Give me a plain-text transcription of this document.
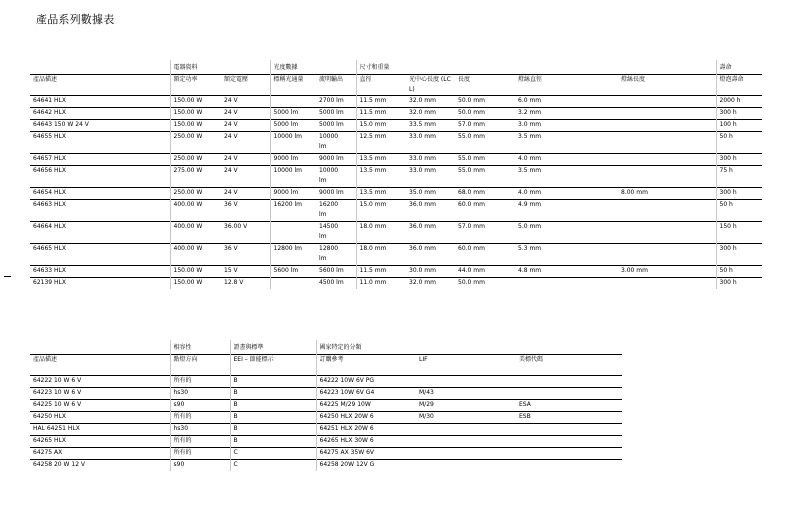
產品系列數據表
	電器資料		光度數據		尺寸和重量					壽命
產品描述	額定功率	額定電壓	標稱光通量	流明輸出	直徑	光中心長度 (LCL)	長度	燈絲直徑	燈絲長度	燈泡壽命
64641 HLX	150.00 W	24 V		2700 lm	11.5 mm	32.0 mm	50.0 mm	6.0 mm		2000 h
64642 HLX	150.00 W	24 V	5000 lm	5000 lm	11.5 mm	32.0 mm	50.0 mm	3.2 mm		300 h
64643 150 W 24 V	150.00 W	24 V	5000 lm	5000 lm	15.0 mm	33.5 mm	57.0 mm	3.0 mm		100 h
64655 HLX	250.00 W	24 V	10000 lm	10000
lm	12.5 mm	33.0 mm	55.0 mm	3.5 mm		50 h
64657 HLX	250.00 W	24 V	9000 lm	9000 lm	13.5 mm	33.0 mm	55.0 mm	4.0 mm		300 h
64656 HLX	275.00 W	24 V	10000 lm	10000
lm	13.5 mm	33.0 mm	55.0 mm	3.5 mm		75 h
64654 HLX	250.00 W	24 V	9000 lm	9000 lm	13.5 mm	35.0 mm	68.0 mm	4.0 mm	8.00 mm	300 h
64663 HLX	400.00 W	36 V	16200 lm	16200
lm	15.0 mm	36.0 mm	60.0 mm	4.9 mm		50 h
64664 HLX	400.00 W	36.00 V		14500
lm	18.0 mm	36.0 mm	57.0 mm	5.0 mm		150 h
64665 HLX	400.00 W	36 V	12800 lm	12800
lm	18.0 mm	36.0 mm	60.0 mm	5.3 mm		300 h
64633 HLX	150.00 W	15 V	5600 lm	5600 lm	11.5 mm	30.0 mm	44.0 mm	4.8 mm	3.00 mm	50 h
62139 HLX	150.00 W	12.8 V		4500 lm	11.0 mm	32.0 mm	50.0 mm			300 h
	相容性	證書與標準	國家特定的分類		
產品描述	點燈方向	EEI – 節能標示	訂購參考	LIF	美標代碼
64222 10 W 6 V	所有的	B	64222 10W 6V PG		
64223 10 W 6 V	hs30	B	64223 10W 6V G4	M/43	
64225 10 W 6 V	s90	B	64225 M/29 10W	M/29	ESA
64250 HLX	所有的	B	64250 HLX 20W 6	M/30	ESB
HAL 64251 HLX	hs30	B	64251 HLX 20W 6		
64265 HLX	所有的	B	64265 HLX 30W 6		
64275 AX	所有的	C	64275 AX 35W 6V		
64258 20 W 12 V	s90	C	64258 20W 12V G		
